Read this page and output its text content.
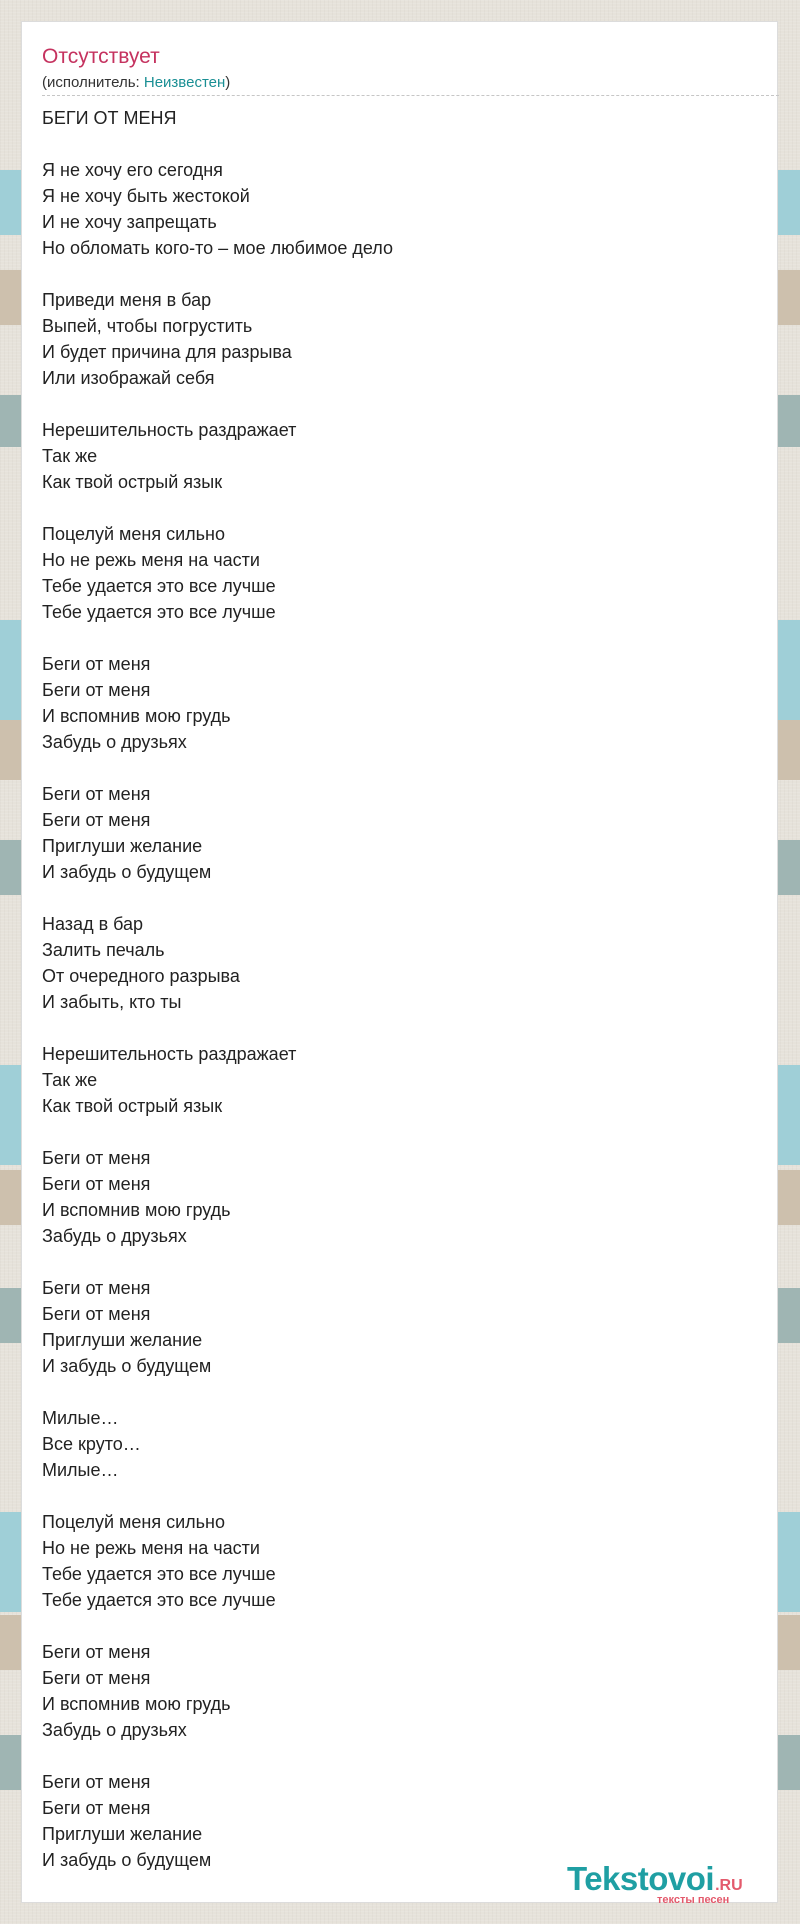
Отсутствует
(исполнитель: Неизвестен)
БЕГИ ОТ МЕНЯ

Я не хочу его сегодня
Я не хочу быть жестокой
И не хочу запрещать
Но обломать кого-то – мое любимое дело

Приведи меня в бар
Выпей, чтобы погрустить
И будет причина для разрыва
Или изображай себя

Нерешительность раздражает
Так же
Как твой острый язык

Поцелуй меня сильно
Но не режь меня на части
Тебе удается это все лучше
Тебе удается это все лучше

Беги от меня
Беги от меня
И вспомнив мою грудь
Забудь о друзьях

Беги от меня
Беги от меня
Приглуши желание
И забудь о будущем

Назад в бар
Залить печаль
От очередного разрыва
И забыть, кто ты

Нерешительность раздражает
Так же
Как твой острый язык

Беги от меня
Беги от меня
И вспомнив мою грудь
Забудь о друзьях

Беги от меня
Беги от меня
Приглуши желание
И забудь о будущем

Милые…
Все круто…
Милые…

Поцелуй меня сильно
Но не режь меня на части
Тебе удается это все лучше
Тебе удается это все лучше

Беги от меня
Беги от меня
И вспомнив мою грудь
Забудь о друзьях

Беги от меня
Беги от меня
Приглуши желание
И забудь о будущем	Tekstovoi.RU
тексты песен
